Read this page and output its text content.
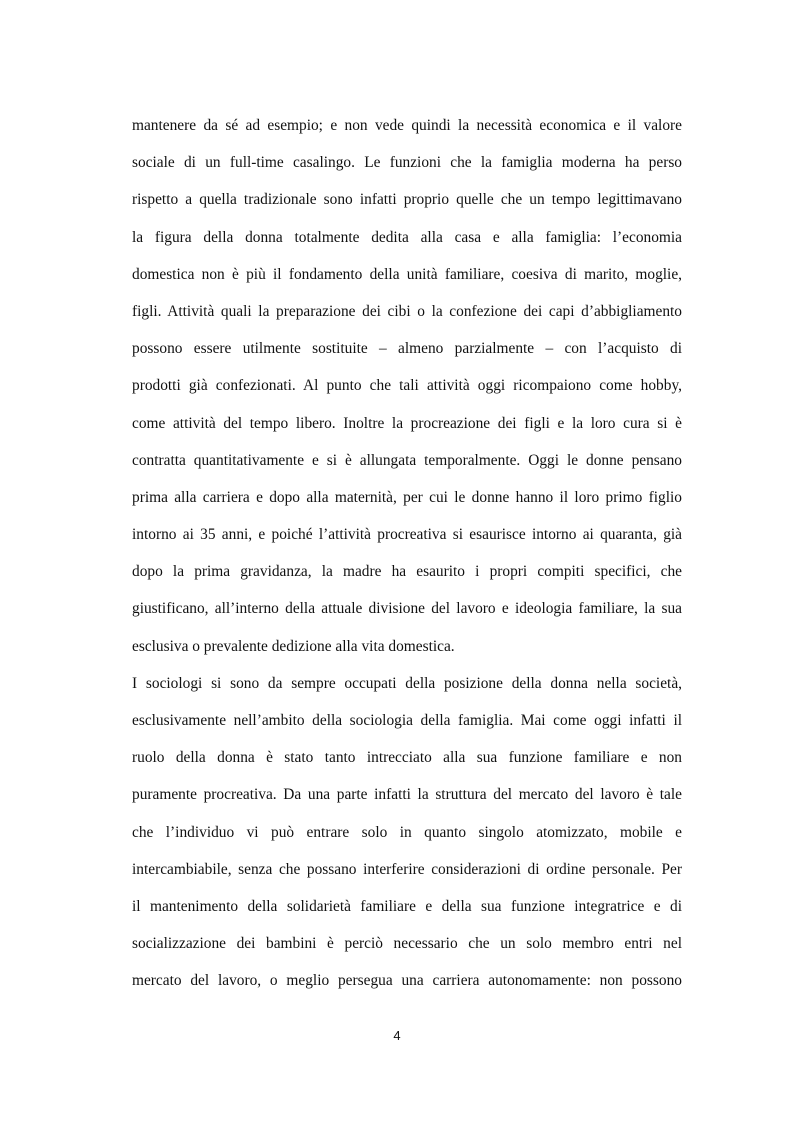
mantenere da sé ad esempio; e non vede quindi la necessità economica e il valore
sociale di un full-time casalingo. Le funzioni che la famiglia moderna ha perso
rispetto a quella tradizionale sono infatti proprio quelle che un tempo legittimavano
la figura della donna totalmente dedita alla casa e alla famiglia: l’economia
domestica non è più il fondamento della unità familiare, coesiva di marito, moglie,
figli. Attività quali la preparazione dei cibi o la confezione dei capi d’abbigliamento
possono essere utilmente sostituite – almeno parzialmente – con l’acquisto di
prodotti già confezionati. Al punto che tali attività oggi ricompaiono come hobby,
come attività del tempo libero. Inoltre la procreazione dei figli e la loro cura si è
contratta quantitativamente e si è allungata temporalmente. Oggi le donne pensano
prima alla carriera e dopo alla maternità, per cui le donne hanno il loro primo figlio
intorno ai 35 anni, e poiché l’attività procreativa si esaurisce intorno ai quaranta, già
dopo la prima gravidanza, la madre ha esaurito i propri compiti specifici, che
giustificano, all’interno della attuale divisione del lavoro e ideologia familiare, la sua
esclusiva o prevalente dedizione alla vita domestica.
I sociologi si sono da sempre occupati della posizione della donna nella società,
esclusivamente nell’ambito della sociologia della famiglia. Mai come oggi infatti il
ruolo della donna è stato tanto intrecciato alla sua funzione familiare e non
puramente procreativa. Da una parte infatti la struttura del mercato del lavoro è tale
che l’individuo vi può entrare solo in quanto singolo atomizzato, mobile e
intercambiabile, senza che possano interferire considerazioni di ordine personale. Per
il mantenimento della solidarietà familiare e della sua funzione integratrice e di
socializzazione dei bambini è perciò necessario che un solo membro entri nel
mercato del lavoro, o meglio persegua una carriera autonomamente: non possono
4
